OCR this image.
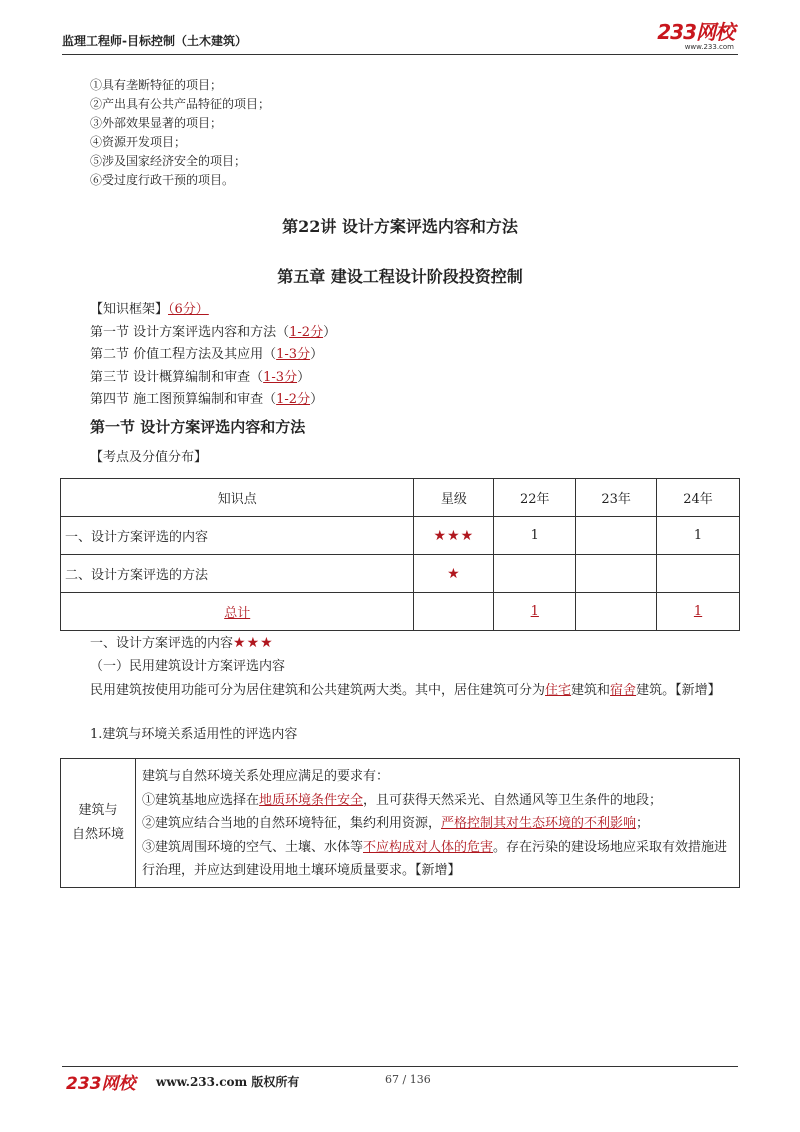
监理工程师-目标控制（土木建筑）	233网校
www.233.com
①具有垄断特征的项目；
②产出具有公共产品特征的项目；
③外部效果显著的项目；
④资源开发项目；
⑤涉及国家经济安全的项目；
⑥受过度行政干预的项目。
第22讲 设计方案评选内容和方法
第五章 建设工程设计阶段投资控制
【知识框架】（6分）
第一节 设计方案评选内容和方法（1-2分）
第二节 价值工程方法及其应用（1-3分）
第三节 设计概算编制和审查（1-3分）
第四节 施工图预算编制和审查（1-2分）
第一节 设计方案评选内容和方法
【考点及分值分布】
知识点	星级	22年	23年	24年
一、设计方案评选的内容	★★★	1		1
二、设计方案评选的方法	★			
总计		1		1
一、设计方案评选的内容★★★
（一）民用建筑设计方案评选内容
民用建筑按使用功能可分为居住建筑和公共建筑两大类。其中，居住建筑可分为住宅建筑和宿舍建筑。【新增】
1.建筑与环境关系适用性的评选内容
建筑与
自然环境

建筑与自然环境关系处理应满足的要求有：
①建筑基地应选择在地质环境条件安全，且可获得天然采光、自然通风等卫生条件的地段；
②建筑应结合当地的自然环境特征，集约利用资源，严格控制其对生态环境的不利影响；
③建筑周围环境的空气、土壤、水体等不应构成对人体的危害。存在污染的建设场地应采取有效措施进行治理，并应达到建设用地土壤环境质量要求。【新增】
233网校 www.233.com 版权所有	67 / 136
